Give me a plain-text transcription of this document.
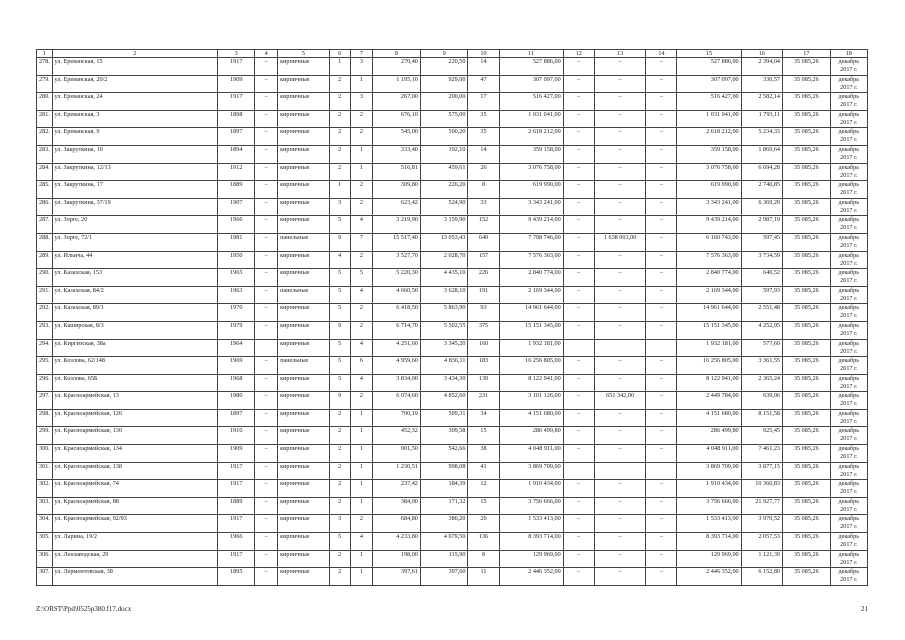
1	2	3	4	5	6	7	8	9	10	11	12	13	14	15	16	17	18
278.	ул. Ереванская, 15	1917	–	кирпичные	1	3	270,40	220,50	14	527 886,00	–	–	–	527 886,00	2 394,04	35 085,26	декабрь 2017 г.
279.	ул. Ереванская, 20/2	1909	–	кирпичные	2	1	1 195,10	929,00	47	307 097,00	–	–	–	307 097,00	330,57	35 085,26	декабрь 2017 г.
280.	ул. Ереванская, 24	1917	–	кирпичные	2	3	267,00	200,00	17	516 427,00	–	–	–	516 427,00	2 582,14	35 085,26	декабрь 2017 г.
281.	ул. Ереванская, 3	1898	–	кирпичные	2	2	676,10	575,00	35	1 031 041,00	–	–	–	1 031 041,00	1 793,11	35 085,26	декабрь 2017 г.
282.	ул. Ереванская, 9	1897	–	кирпичные	2	2	545,00	500,20	35	2 618 212,00	–	–	–	2 618 212,00	5 234,33	35 085,26	декабрь 2017 г.
283.	ул. Закруткина, 10	1894	–	кирпичные	2	1	333,40	192,10	14	359 158,00	–	–	–	359 158,00	1 869,64	35 085,26	декабрь 2017 г.
284.	ул. Закруткина, 12/13	1912	–	кирпичные	2	1	516,81	459,61	26	3 076 758,00	–	–	–	3 076 758,00	6 694,28	35 085,26	декабрь 2017 г.
285.	ул. Закруткина, 17	1889	–	кирпичные	1	2	309,80	226,20	8	619 990,00	–	–	–	619 990,00	2 740,85	35 085,26	декабрь 2017 г.
286.	ул. Закруткина, 37/19	1907	–	кирпичные	3	2	623,42	524,90	33	3 343 241,00	–	–	–	3 343 241,00	6 369,29	35 085,26	декабрь 2017 г.
287.	ул. Зорге, 20	1966	–	кирпичные	5	4	3 219,90	3 159,90	152	9 439 214,00	–	–	–	9 439 214,00	2 987,19	35 085,26	декабрь 2017 г.
288.	ул. Зорге, 72/1	1981	–	панельные	9	7	15 517,40	13 053,43	640	7 798 746,00	–	1 638 003,00	–	6 160 743,00	597,45	35 085,26	декабрь 2017 г.
289.	ул. Ильича, 44	1950	–	кирпичные	4	2	3 527,70	2 028,70	157	7 576 363,00	–	–	–	7 576 363,00	3 734,59	35 085,26	декабрь 2017 г.
290.	ул. Казахская, 153	1965	–	кирпичные	5	5	5 220,30	4 435,10	226	2 840 774,00	–	–	–	2 840 774,00	640,52	35 085,26	декабрь 2017 г.
291.	ул. Казахская, 84/2	1963	–	панельные	5	4	4 660,50	3 628,10	191	2 169 344,00	–	–	–	2 169 344,00	597,93	35 085,26	декабрь 2017 г.
292.	ул. Казахская, 89/1	1970	–	кирпичные	5	2	6 418,50	5 863,90	93	14 961 644,00	–	–	–	14 961 644,00	2 551,48	35 085,26	декабрь 2017 г.
293.	ул. Каширская, 8/3	1979	–	кирпичные	9	2	6 714,70	5 502,55	375	15 151 345,00	–	–	–	15 151 345,00	4 252,95	35 085,26	декабрь 2017 г.
294.	ул. Киргизская, 38а	1964		кирпичные	5	4	4 251,60	3 345,20	160	1 932 181,00				1 932 181,00	577,60	35 085,26	декабрь 2017 г.
295.	ул. Козлова, 62/148	1969	–	панельные	5	6	4 959,60	4 836,11	183	16 256 805,00	–	–	–	16 256 805,00	3 361,55	35 085,26	декабрь 2017 г.
296.	ул. Козлова, 65Б	1968	–	кирпичные	5	4	3 834,00	3 434,30	139	8 122 941,00	–	–	–	8 122 941,00	2 365,24	35 085,26	декабрь 2017 г.
297.	ул. Красноармейская, 13	1980	–	кирпичные	9	2	6 074,60	4 852,60	231	3 101 126,00	–	651 342,00	–	2 449 784,00	639,06	35 085,26	декабрь 2017 г.
298.	ул. Красноармейская, 126	1897	–	кирпичные	2	1	700,19	509,31	34	4 151 680,00	–	–	–	4 151 680,00	8 151,58	35 085,26	декабрь 2017 г.
299.	ул. Красноармейская, 130	1910	–	кирпичные	2	1	452,32	309,58	15	286 499,80	–	–	–	286 499,80	925,45	35 085,26	декабрь 2017 г.
300.	ул. Красноармейская, 134	1909	–	кирпичные	2	1	901,50	542,66	38	4 048 911,00	–	–	–	4 048 911,00	7 461,23	35 085,26	декабрь 2017 г.
301.	ул. Красноармейская, 138	1917	–	кирпичные	2	1	1 230,51	998,08	41	3 869 709,00				3 869 709,00	3 877,15	35 085,26	декабрь 2017 г.
302.	ул. Красноармейская, 74	1917	–	кирпичные	2	1	237,42	184,39	12	1 910 434,00	–	–	–	1 910 434,00	10 360,83	35 085,26	декабрь 2017 г.
303.	ул. Красноармейская, 88	1889	–	кирпичные	2	1	384,00	171,32	15	3 756 666,00	–	–	–	3 756 666,00	21 927,77	35 085,26	декабрь 2017 г.
304.	ул. Красноармейская, 92/93	1917	–	кирпичные	3	2	684,80	386,20	20	1 533 413,00	–	–	–	1 533 413,00	3 970,52	35 085,26	декабрь 2017 г.
305.	ул. Ларина, 19/2	1966	–	кирпичные	5	4	4 233,80	4 079,50	136	8 393 714,00	–	–	–	8 393 714,00	2 057,53	35 085,26	декабрь 2017 г.
306.	ул. Лензаводская, 29	1917	–	кирпичные	2	1	198,00	115,90	8	129 969,00	–	–	–	129 969,00	1 121,39	35 085,26	декабрь 2017 г.
307.	ул. Лермонтовская, 38	1895	–	кирпичные	2	1	397,61	397,60	11	2 446 352,00	–	–	–	2 446 352,00	6 152,80	35 085,26	декабрь 2017 г.
Z:\ORST\Ppd\0525p380.f17.docx	21
